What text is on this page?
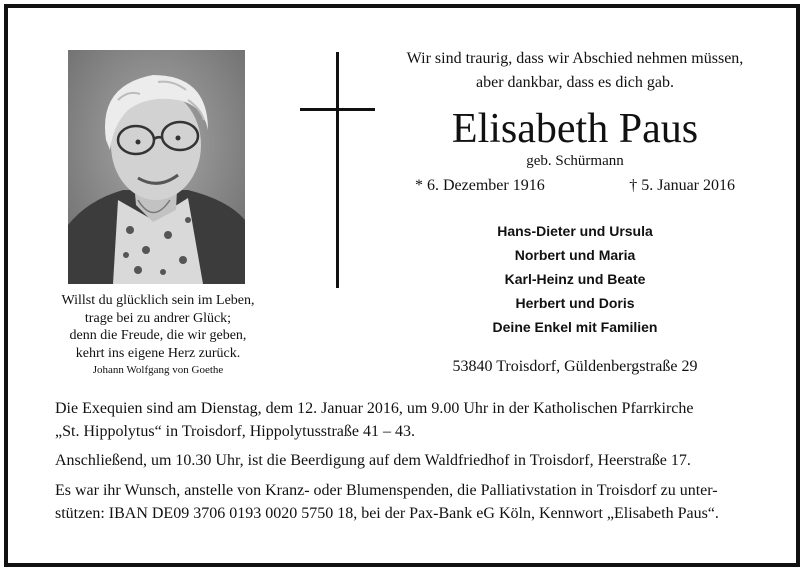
Willst du glücklich sein im Leben,
trage bei zu andrer Glück;
denn die Freude, die wir geben,
kehrt ins eigene Herz zurück.
Johann Wolfgang von Goethe
Wir sind traurig, dass wir Abschied nehmen müssen,
aber dankbar, dass es dich gab.
Elisabeth Paus
geb. Schürmann
* 6. Dezember 1916	† 5. Januar 2016
Hans-Dieter und Ursula
Norbert und Maria
Karl-Heinz und Beate
Herbert und Doris
Deine Enkel mit Familien
53840 Troisdorf, Güldenbergstraße 29
Die Exequien sind am Dienstag, dem 12. Januar 2016, um 9.00 Uhr in der Katholischen Pfarrkirche
„St. Hippolytus“ in Troisdorf, Hippolytusstraße 41 – 43.
Anschließend, um 10.30 Uhr, ist die Beerdigung auf dem Waldfriedhof in Troisdorf, Heerstraße 17.
Es war ihr Wunsch, anstelle von Kranz- oder Blumenspenden, die Palliativstation in Troisdorf zu unter-
stützen: IBAN DE09 3706 0193 0020 5750 18, bei der Pax-Bank eG Köln, Kennwort „Elisabeth Paus“.
